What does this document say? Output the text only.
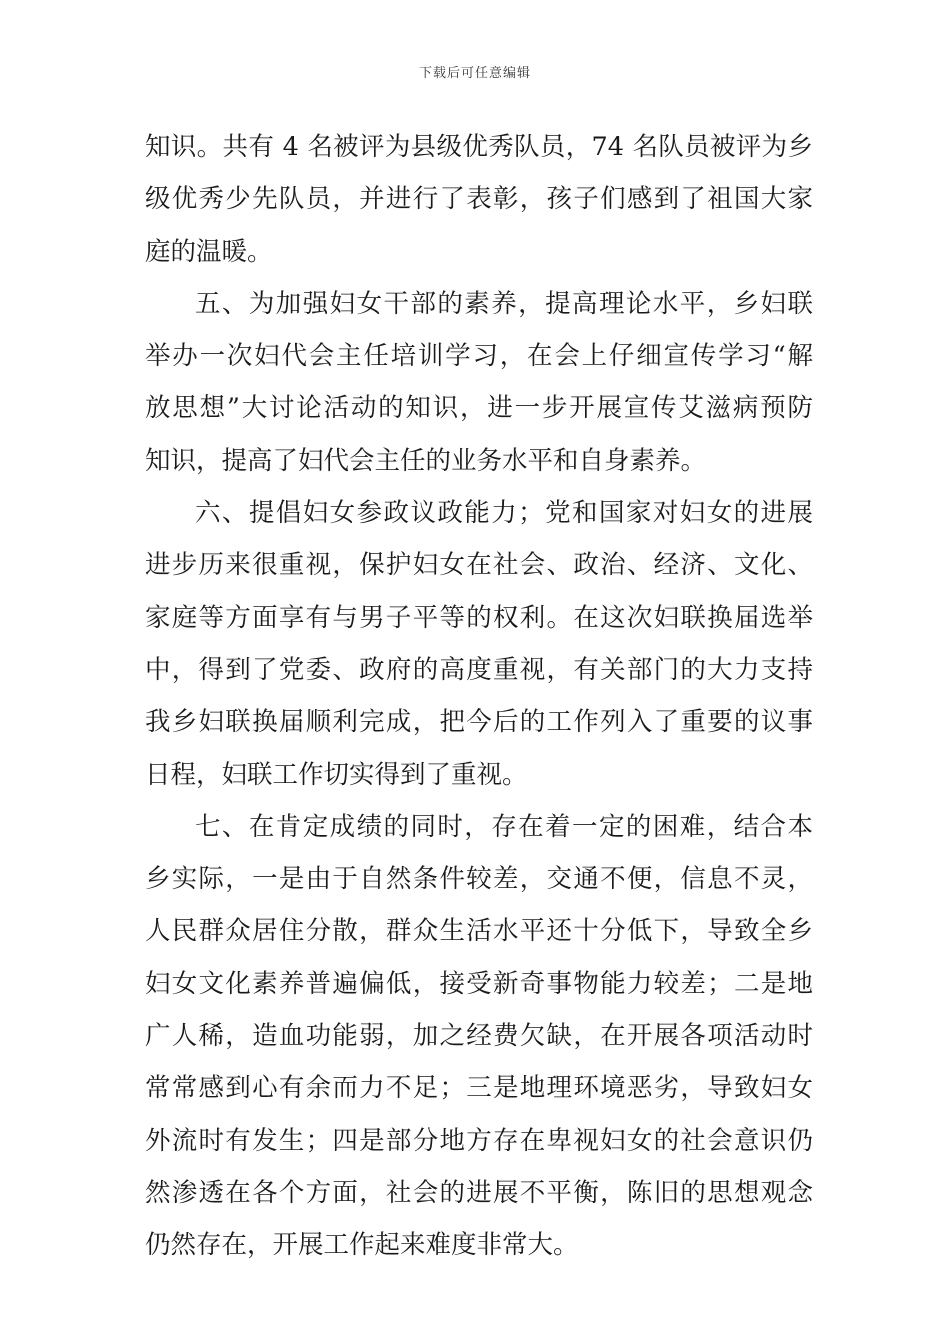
下载后可任意编辑
知识。共有 4 名被评为县级优秀队员，74 名队员被评为乡
级优秀少先队员，并进行了表彰，孩子们感到了祖国大家
庭的温暖。
五、为加强妇女干部的素养，提高理论水平，乡妇联
举办一次妇代会主任培训学习，在会上仔细宣传学习“解
放思想”大讨论活动的知识，进一步开展宣传艾滋病预防
知识，提高了妇代会主任的业务水平和自身素养。
六、提倡妇女参政议政能力；党和国家对妇女的进展
进步历来很重视，保护妇女在社会、政治、经济、文化、
家庭等方面享有与男子平等的权利。在这次妇联换届选举
中，得到了党委、政府的高度重视，有关部门的大力支持
我乡妇联换届顺利完成，把今后的工作列入了重要的议事
日程，妇联工作切实得到了重视。
七、在肯定成绩的同时，存在着一定的困难，结合本
乡实际，一是由于自然条件较差，交通不便，信息不灵，
人民群众居住分散，群众生活水平还十分低下，导致全乡
妇女文化素养普遍偏低，接受新奇事物能力较差；二是地
广人稀，造血功能弱，加之经费欠缺，在开展各项活动时
常常感到心有余而力不足；三是地理环境恶劣，导致妇女
外流时有发生；四是部分地方存在卑视妇女的社会意识仍
然渗透在各个方面，社会的进展不平衡，陈旧的思想观念
仍然存在，开展工作起来难度非常大。
